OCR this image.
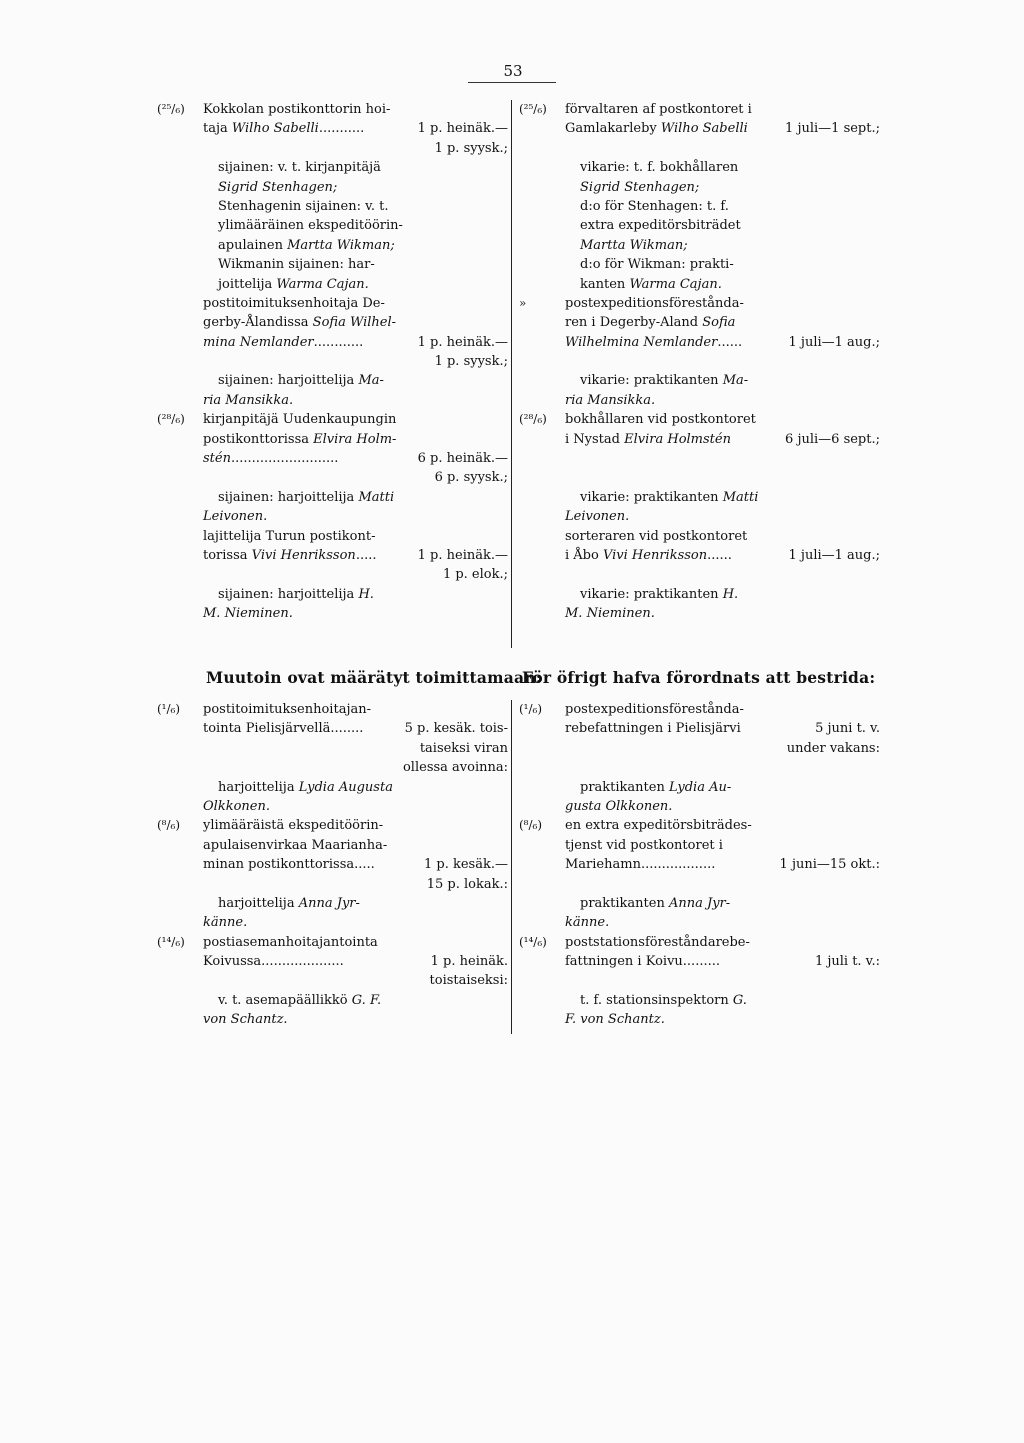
53
(²⁵/₆)	Kokkolan postikonttorin hoi-
taja Wilho Sabelli...........	1 p. heinäk.—
1 p. syysk.;
sijainen: v. t. kirjanpitäjä
Sigrid Stenhagen;
Stenhagenin sijainen: v. t.
ylimääräinen ekspeditöörin-
apulainen Martta Wikman;
Wikmanin sijainen: har-
joittelija Warma Cajan.
postitoimituksenhoitaja De-
gerby-Ålandissa Sofia Wilhel-
mina Nemlander............	1 p. heinäk.—
1 p. syysk.;
sijainen: harjoittelija Ma-
ria Mansikka.
(²⁸/₆)	kirjanpitäjä Uudenkaupungin
postikonttorissa Elvira Holm-
stén..........................	6 p. heinäk.—
6 p. syysk.;
sijainen: harjoittelija Matti
Leivonen.
lajittelija Turun postikont-
torissa Vivi Henriksson.....	1 p. heinäk.—
1 p. elok.;
sijainen: harjoittelija H.
M. Nieminen.
(²⁵/₆)	förvaltaren af postkontoret i
Gamlakarleby Wilho Sabelli	1 juli—1 sept.;
vikarie: t. f. bokhållaren
Sigrid Stenhagen;
d:o för Stenhagen: t. f.
extra expeditörsbiträdet
Martta Wikman;
d:o för Wikman: prakti-
kanten Warma Cajan.
»	postexpeditionsförestånda-
ren i Degerby-Aland Sofia
Wilhelmina Nemlander......	1 juli—1 aug.;
vikarie: praktikanten Ma-
ria Mansikka.
(²⁸/₆)	bokhållaren vid postkontoret
i Nystad Elvira Holmstén	6 juli—6 sept.;
vikarie: praktikanten Matti
Leivonen.
sorteraren vid postkontoret
i Åbo Vivi Henriksson......	1 juli—1 aug.;
vikarie: praktikanten H.
M. Nieminen.
Muutoin ovat määrätyt toimittamaan:
För öfrigt hafva förordnats att bestrida:
(¹/₆)	postitoimituksenhoitajan-
tointa Pielisjärvellä........	5 p. kesäk. tois-
taiseksi viran
ollessa avoinna:
harjoittelija Lydia Augusta
Olkkonen.
(⁸/₆)	ylimääräistä ekspeditöörin-
apulaisenvirkaa Maarianha-
minan postikonttorissa.....	1 p. kesäk.—
15 p. lokak.:
harjoittelija Anna Jyr-
känne.
(¹⁴/₆)	postiasemanhoitajantointa
Koivussa....................	1 p. heinäk.
toistaiseksi:
v. t. asemapäällikkö G. F.
von Schantz.
(¹/₆)	postexpeditionsförestånda-
rebefattningen i Pielisjärvi	5 juni t. v.
under vakans:
praktikanten Lydia Au-
gusta Olkkonen.
(⁸/₆)	en extra expeditörsbiträdes-
tjenst vid postkontoret i
Mariehamn..................	1 juni—15 okt.:
praktikanten Anna Jyr-
känne.
(¹⁴/₆)	poststationsföreståndarebe-
fattningen i Koivu.........	1 juli t. v.:
t. f. stationsinspektorn G.
F. von Schantz.
